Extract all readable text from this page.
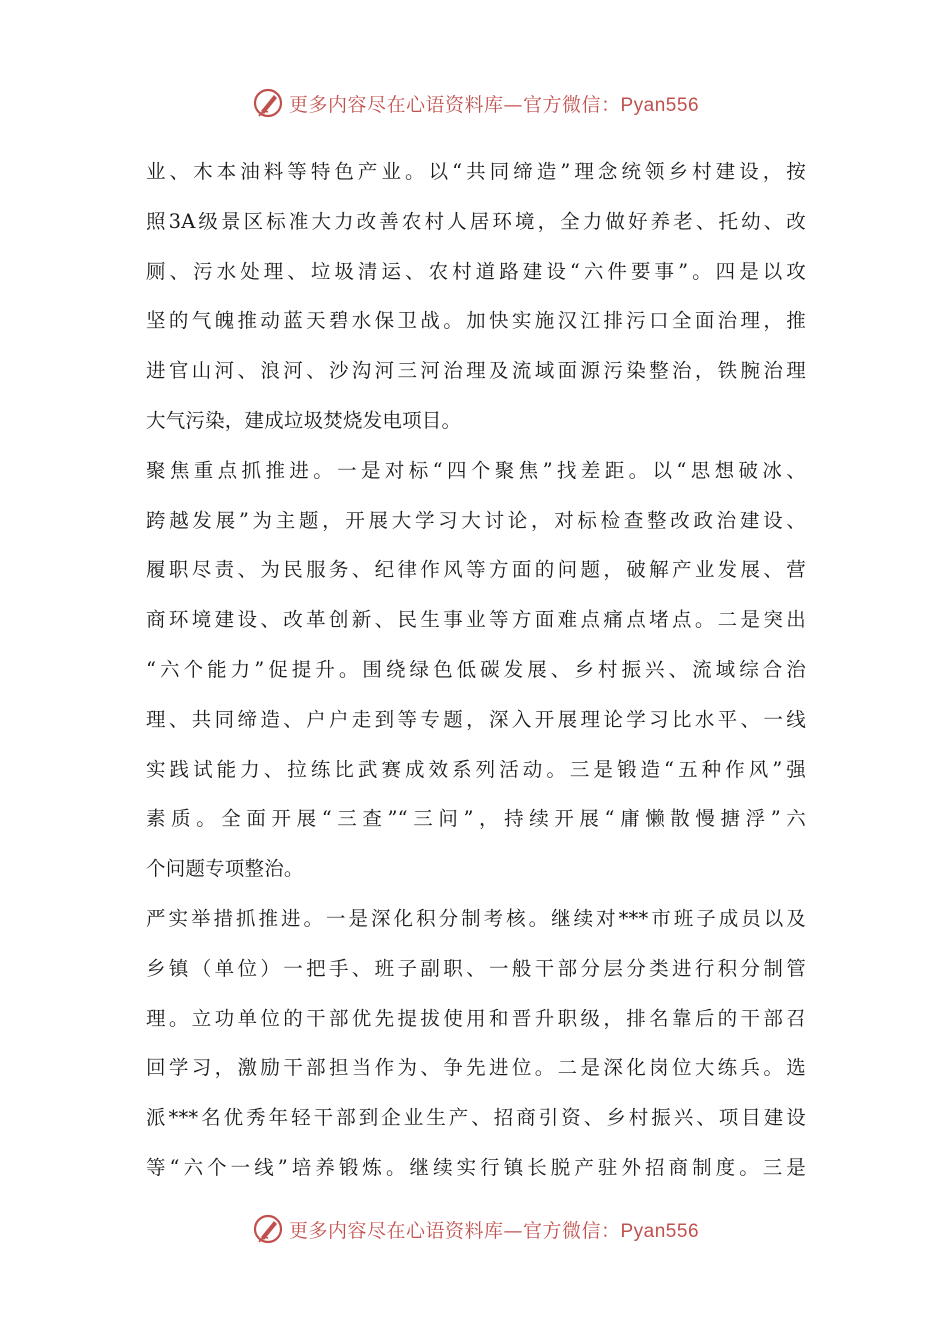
更多内容尽在心语资料库—官方微信：Pyan556
业、木本油料等特色产业。以“共同缔造”理念统领乡村建设，按
照3A级景区标准大力改善农村人居环境，全力做好养老、托幼、改
厕、污水处理、垃圾清运、农村道路建设“六件要事”。四是以攻
坚的气魄推动蓝天碧水保卫战。加快实施汉江排污口全面治理，推
进官山河、浪河、沙沟河三河治理及流域面源污染整治，铁腕治理
大气污染，建成垃圾焚烧发电项目。
聚焦重点抓推进。一是对标“四个聚焦”找差距。以“思想破冰、
跨越发展”为主题，开展大学习大讨论，对标检查整改政治建设、
履职尽责、为民服务、纪律作风等方面的问题，破解产业发展、营
商环境建设、改革创新、民生事业等方面难点痛点堵点。二是突出
“六个能力”促提升。围绕绿色低碳发展、乡村振兴、流域综合治
理、共同缔造、户户走到等专题，深入开展理论学习比水平、一线
实践试能力、拉练比武赛成效系列活动。三是锻造“五种作风”强
素质。全面开展“三查”“三问”，持续开展“庸懒散慢搪浮”六
个问题专项整治。
严实举措抓推进。一是深化积分制考核。继续对***市班子成员以及
乡镇（单位）一把手、班子副职、一般干部分层分类进行积分制管
理。立功单位的干部优先提拔使用和晋升职级，排名靠后的干部召
回学习，激励干部担当作为、争先进位。二是深化岗位大练兵。选
派***名优秀年轻干部到企业生产、招商引资、乡村振兴、项目建设
等“六个一线”培养锻炼。继续实行镇长脱产驻外招商制度。三是
更多内容尽在心语资料库—官方微信：Pyan556
